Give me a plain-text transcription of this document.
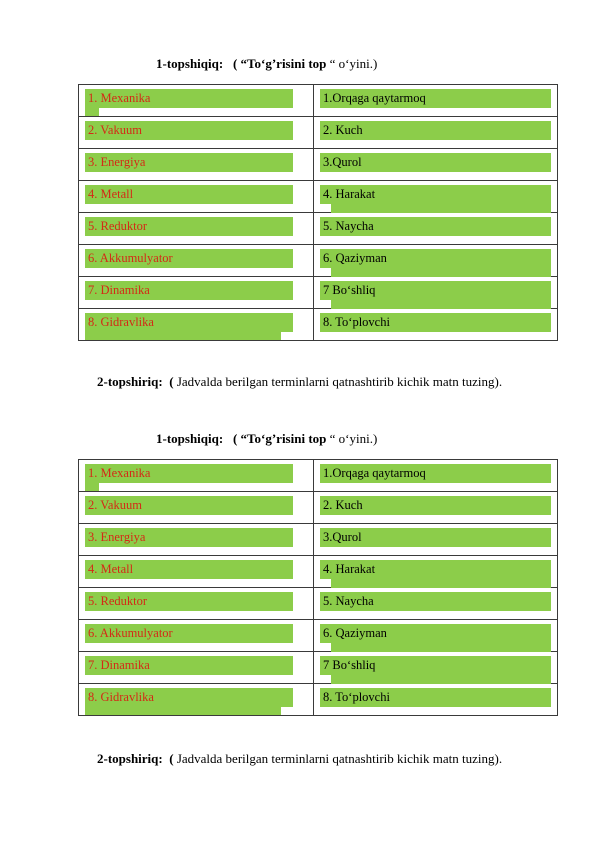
1-topshiqiq: ( “To‘g’risini top “ o‘yini.)
1. Mexanika	1.Orqaga qaytarmoq

2. Vakuum	2. Kuch

3. Energiya	3.Qurol

4. Metall	4. Harakat

5. Reduktor	5. Naycha

6. Akkumulyator	6. Qaziyman

7. Dinamika	7 Bo‘shliq

8. Gidravlika	8. To‘plovchi
2-topshiriq: ( Jadvalda berilgan terminlarni qatnashtirib kichik matn tuzing).
1-topshiqiq: ( “To‘g’risini top “ o‘yini.)
1. Mexanika	1.Orqaga qaytarmoq

2. Vakuum	2. Kuch

3. Energiya	3.Qurol

4. Metall	4. Harakat

5. Reduktor	5. Naycha

6. Akkumulyator	6. Qaziyman

7. Dinamika	7 Bo‘shliq

8. Gidravlika	8. To‘plovchi
2-topshiriq: ( Jadvalda berilgan terminlarni qatnashtirib kichik matn tuzing).
